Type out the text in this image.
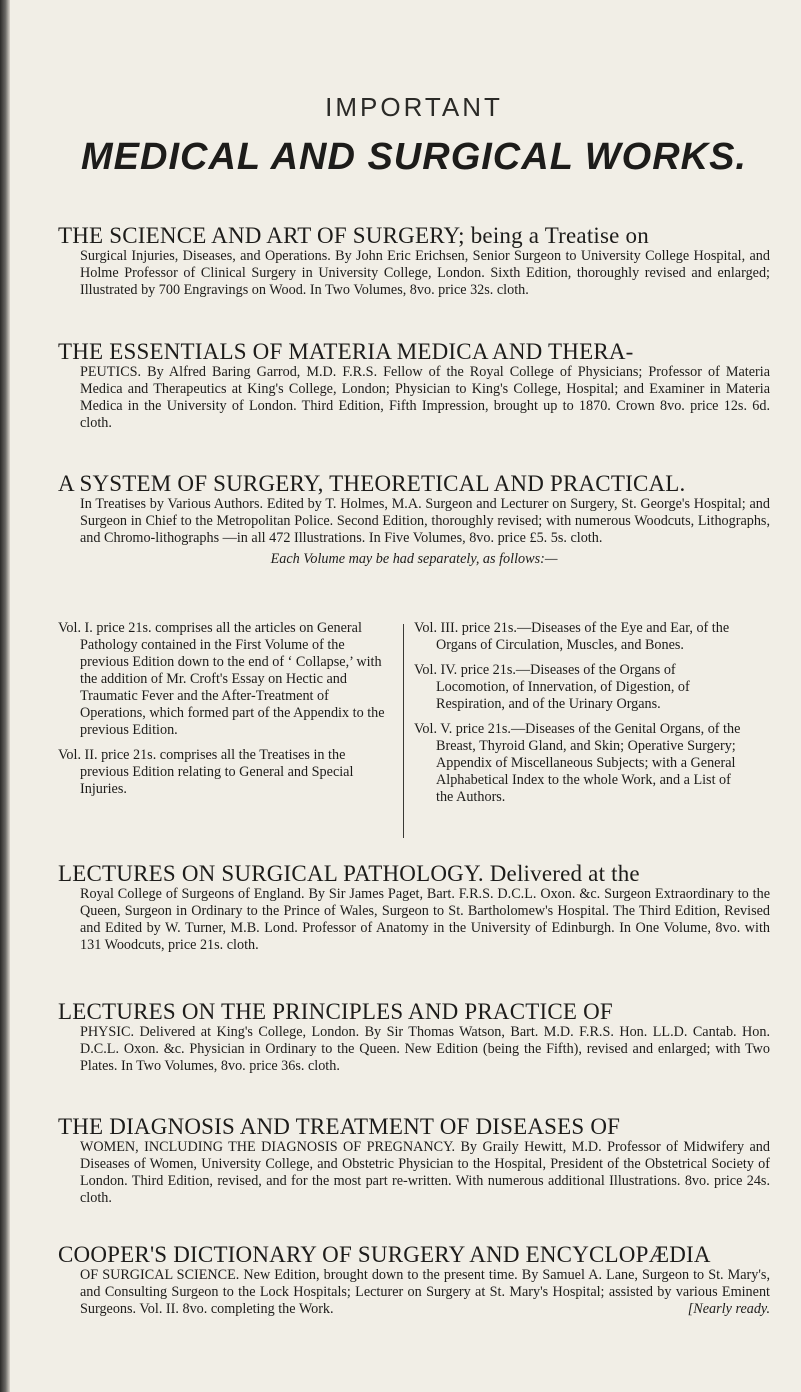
IMPORTANT
MEDICAL AND SURGICAL WORKS.
THE SCIENCE AND ART OF SURGERY; being a Treatise on
Surgical Injuries, Diseases, and Operations. By John Eric Erichsen, Senior Surgeon to University College Hospital, and Holme Professor of Clinical Surgery in University College, London. Sixth Edition, thoroughly revised and enlarged; Illustrated by 700 Engravings on Wood. In Two Volumes, 8vo. price 32s. cloth.
THE ESSENTIALS OF MATERIA MEDICA AND THERA-
PEUTICS. By Alfred Baring Garrod, M.D. F.R.S. Fellow of the Royal College of Physicians; Professor of Materia Medica and Therapeutics at King's College, London; Physician to King's College, Hospital; and Examiner in Materia Medica in the University of London. Third Edition, Fifth Impression, brought up to 1870. Crown 8vo. price 12s. 6d. cloth.
A SYSTEM OF SURGERY, THEORETICAL AND PRACTICAL.
In Treatises by Various Authors. Edited by T. Holmes, M.A. Surgeon and Lecturer on Surgery, St. George's Hospital; and Surgeon in Chief to the Metropolitan Police. Second Edition, thoroughly revised; with numerous Woodcuts, Lithographs, and Chromo-lithographs —in all 472 Illustrations. In Five Volumes, 8vo. price £5. 5s. cloth.
Each Volume may be had separately, as follows:—

Vol. I. price 21s. comprises all the articles on General Pathology contained in the First Volume of the previous Edition down to the end of ‘ Collapse,’ with the addition of Mr. Croft's Essay on Hectic and Traumatic Fever and the After-Treatment of Operations, which formed part of the Appendix to the previous Edition.

Vol. II. price 21s. comprises all the Treatises in the previous Edition relating to General and Special Injuries.

Vol. III. price 21s.—Diseases of the Eye and Ear, of the Organs of Circulation, Muscles, and Bones.

Vol. IV. price 21s.—Diseases of the Organs of Locomotion, of Innervation, of Digestion, of Respiration, and of the Urinary Organs.

Vol. V. price 21s.—Diseases of the Genital Organs, of the Breast, Thyroid Gland, and Skin; Operative Surgery; Appendix of Miscellaneous Subjects; with a General Alphabetical Index to the whole Work, and a List of the Authors.

LECTURES ON SURGICAL PATHOLOGY. Delivered at the
Royal College of Surgeons of England. By Sir James Paget, Bart. F.R.S. D.C.L. Oxon. &c. Surgeon Extraordinary to the Queen, Surgeon in Ordinary to the Prince of Wales, Surgeon to St. Bartholomew's Hospital. The Third Edition, Revised and Edited by W. Turner, M.B. Lond. Professor of Anatomy in the University of Edinburgh. In One Volume, 8vo. with 131 Woodcuts, price 21s. cloth.
LECTURES ON THE PRINCIPLES AND PRACTICE OF
PHYSIC. Delivered at King's College, London. By Sir Thomas Watson, Bart. M.D. F.R.S. Hon. LL.D. Cantab. Hon. D.C.L. Oxon. &c. Physician in Ordinary to the Queen. New Edition (being the Fifth), revised and enlarged; with Two Plates. In Two Volumes, 8vo. price 36s. cloth.
THE DIAGNOSIS AND TREATMENT OF DISEASES OF
WOMEN, INCLUDING THE DIAGNOSIS OF PREGNANCY. By Graily Hewitt, M.D. Professor of Midwifery and Diseases of Women, University College, and Obstetric Physician to the Hospital, President of the Obstetrical Society of London. Third Edition, revised, and for the most part re-written. With numerous additional Illustrations. 8vo. price 24s. cloth.
COOPER'S DICTIONARY OF SURGERY AND ENCYCLOPÆDIA
OF SURGICAL SCIENCE. New Edition, brought down to the present time. By Samuel A. Lane, Surgeon to St. Mary's, and Consulting Surgeon to the Lock Hospitals; Lecturer on Surgery at St. Mary's Hospital; assisted by various Eminent Surgeons. Vol. II. 8vo. completing the Work.	[Nearly ready.
